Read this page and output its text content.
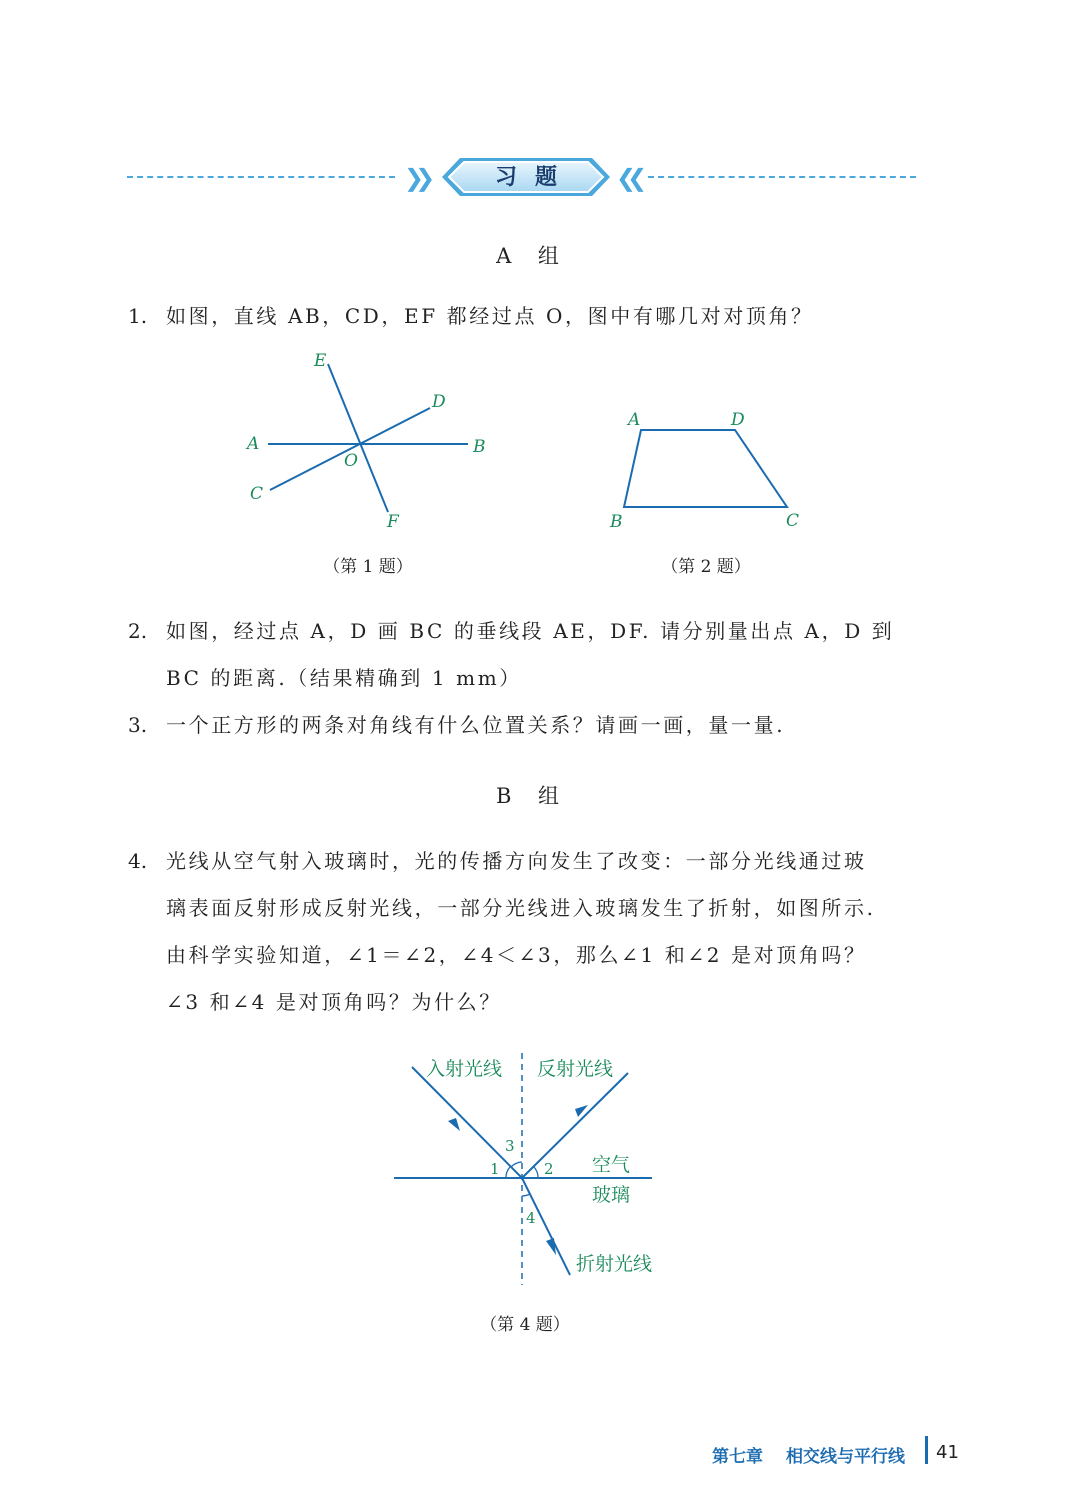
❯❯	习题	❮❮
A 组
1. 如图，直线 AB，CD，EF 都经过点 O，图中有哪几对对顶角？
E
D
A	B
O
C
F
（第 1 题）
A	D
B	C
（第 2 题）
2. 如图，经过点 A，D 画 BC 的垂线段 AE，DF. 请分别量出点 A，D 到
BC 的距离.（结果精确到 1 mm）
3. 一个正方形的两条对角线有什么位置关系？请画一画，量一量.
B 组
4. 光线从空气射入玻璃时，光的传播方向发生了改变：一部分光线通过玻
璃表面反射形成反射光线，一部分光线进入玻璃发生了折射，如图所示.
由科学实验知道，∠1＝∠2，∠4＜∠3，那么∠1 和∠2 是对顶角吗？
∠3 和∠4 是对顶角吗？为什么？
入射光线 反射光线
空气
玻璃
折射光线
1	2
3
4
（第 4 题）
第七章 相交线与平行线 41
